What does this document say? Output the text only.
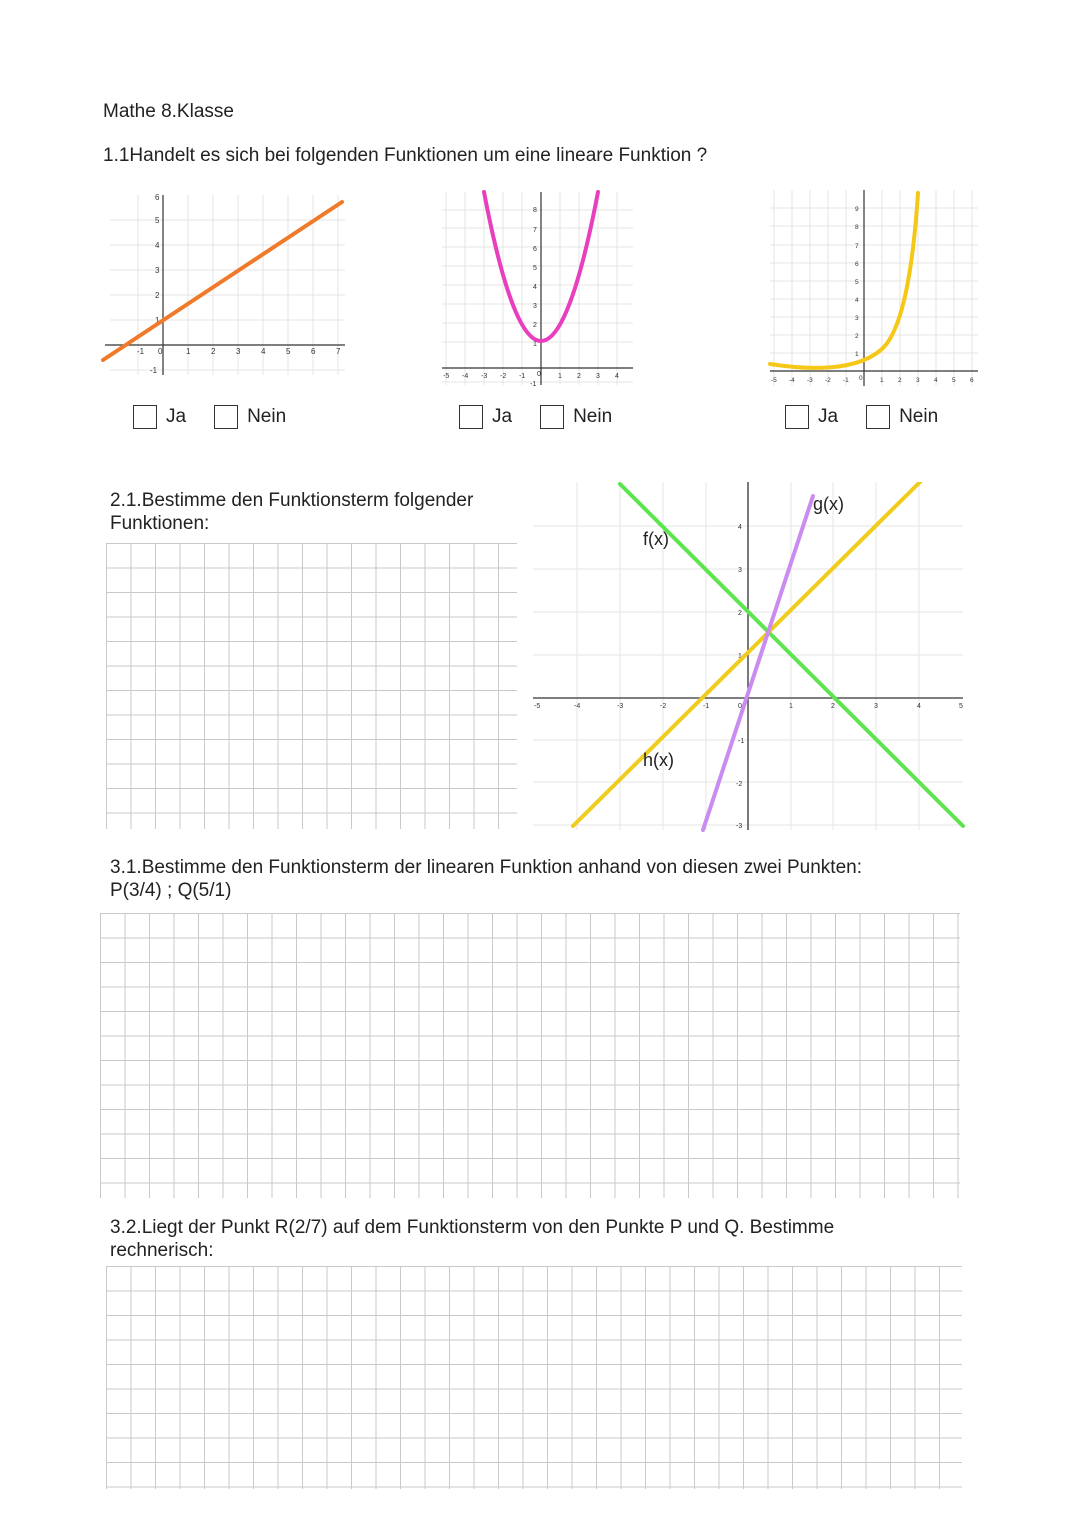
Mathe 8.Klasse
1.1Handelt es sich bei folgenden Funktionen um eine lineare Funktion ?
-1 0	1	2	3	4	5	6	7
-1
1
2
3
4
5
6
-5 -4 -3 -2 -1 0 1 2 3 4
-1
1
2
3
4
5
6
7
8
-5 -4 -3 -2 -1 0	1 2 3 4 5 6
1
2
3
4
5
6
7
8
9
Ja	Nein	Ja	Nein	Ja	Nein
2.1.Bestimme den Funktionsterm folgender
Funktionen:
-5	-4	-3	-2	-1	0	1	2	3	4	5
-3
-2
-1
1
2
3
4
f(x)
g(x)
h(x)
3.1.Bestimme den Funktionsterm der linearen Funktion anhand von diesen zwei Punkten:
P(3/4) ; Q(5/1)
3.2.Liegt der Punkt R(2/7) auf dem Funktionsterm von den Punkte P und Q. Bestimme
rechnerisch:
